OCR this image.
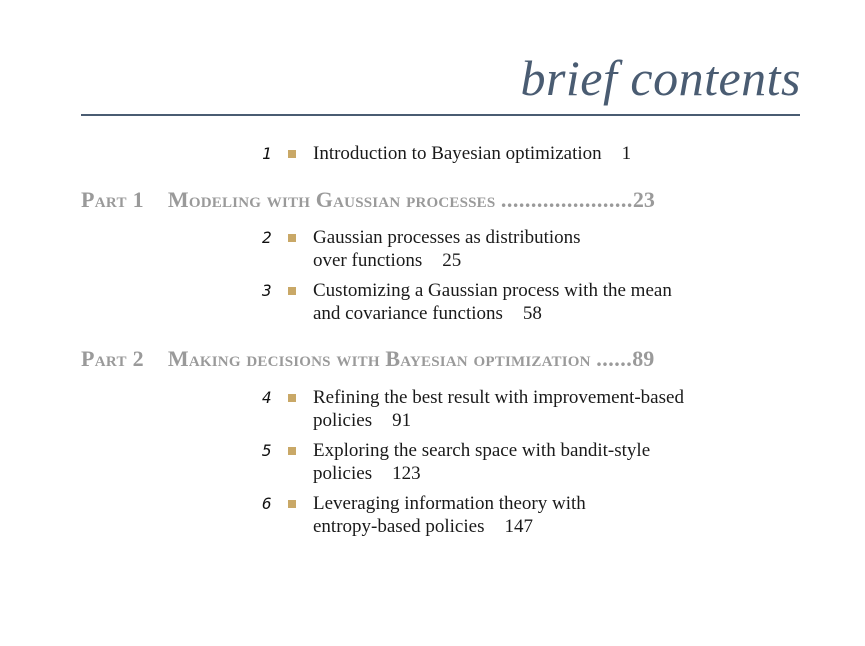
brief contents
1	Introduction to Bayesian optimization 1
Part 1 Modeling with Gaussian processes ......................23
2	Gaussian processes as distributions
over functions 25
3	Customizing a Gaussian process with the mean
and covariance functions 58
Part 2 Making decisions with Bayesian optimization ......89
4	Refining the best result with improvement-based
policies 91
5	Exploring the search space with bandit-style
policies 123
6	Leveraging information theory with
entropy-based policies 147
